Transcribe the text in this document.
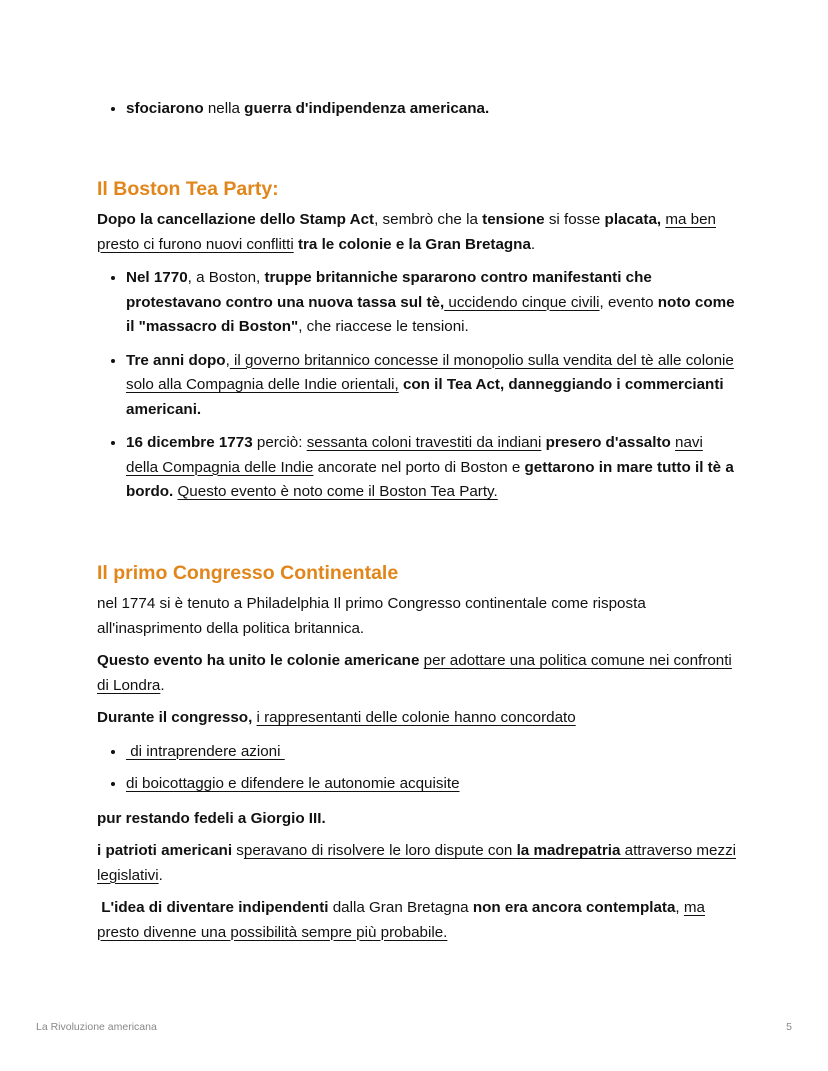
• sfociarono nella guerra d'indipendenza americana.
Il Boston Tea Party:

Dopo la cancellazione dello Stamp Act, sembrò che la tensione si fosse placata, ma ben presto ci furono nuovi conflitti tra le colonie e la Gran Bretagna.

• Nel 1770, a Boston, truppe britanniche spararono contro manifestanti che protestavano contro una nuova tassa sul tè, uccidendo cinque civili, evento noto come il "massacro di Boston", che riaccese le tensioni.
• Tre anni dopo, il governo britannico concesse il monopolio sulla vendita del tè alle colonie solo alla Compagnia delle Indie orientali, con il Tea Act, danneggiando i commercianti americani.
• 16 dicembre 1773 perciò: sessanta coloni travestiti da indiani presero d'assalto navi della Compagnia delle Indie ancorate nel porto di Boston e gettarono in mare tutto il tè a bordo. Questo evento è noto come il Boston Tea Party.
Il primo Congresso Continentale

nel 1774 si è tenuto a Philadelphia Il primo Congresso continentale come risposta all'inasprimento della politica britannica.

Questo evento ha unito le colonie americane per adottare una politica comune nei confronti di Londra.

Durante il congresso, i rappresentanti delle colonie hanno concordato

•  di intraprendere azioni
• di boicottaggio e difendere le autonomie acquisite

pur restando fedeli a Giorgio III.

i patrioti americani speravano di risolvere le loro dispute con la madrepatria attraverso mezzi legislativi.

L'idea di diventare indipendenti dalla Gran Bretagna non era ancora contemplata, ma presto divenne una possibilità sempre più probabile.

La Rivoluzione americana	5
